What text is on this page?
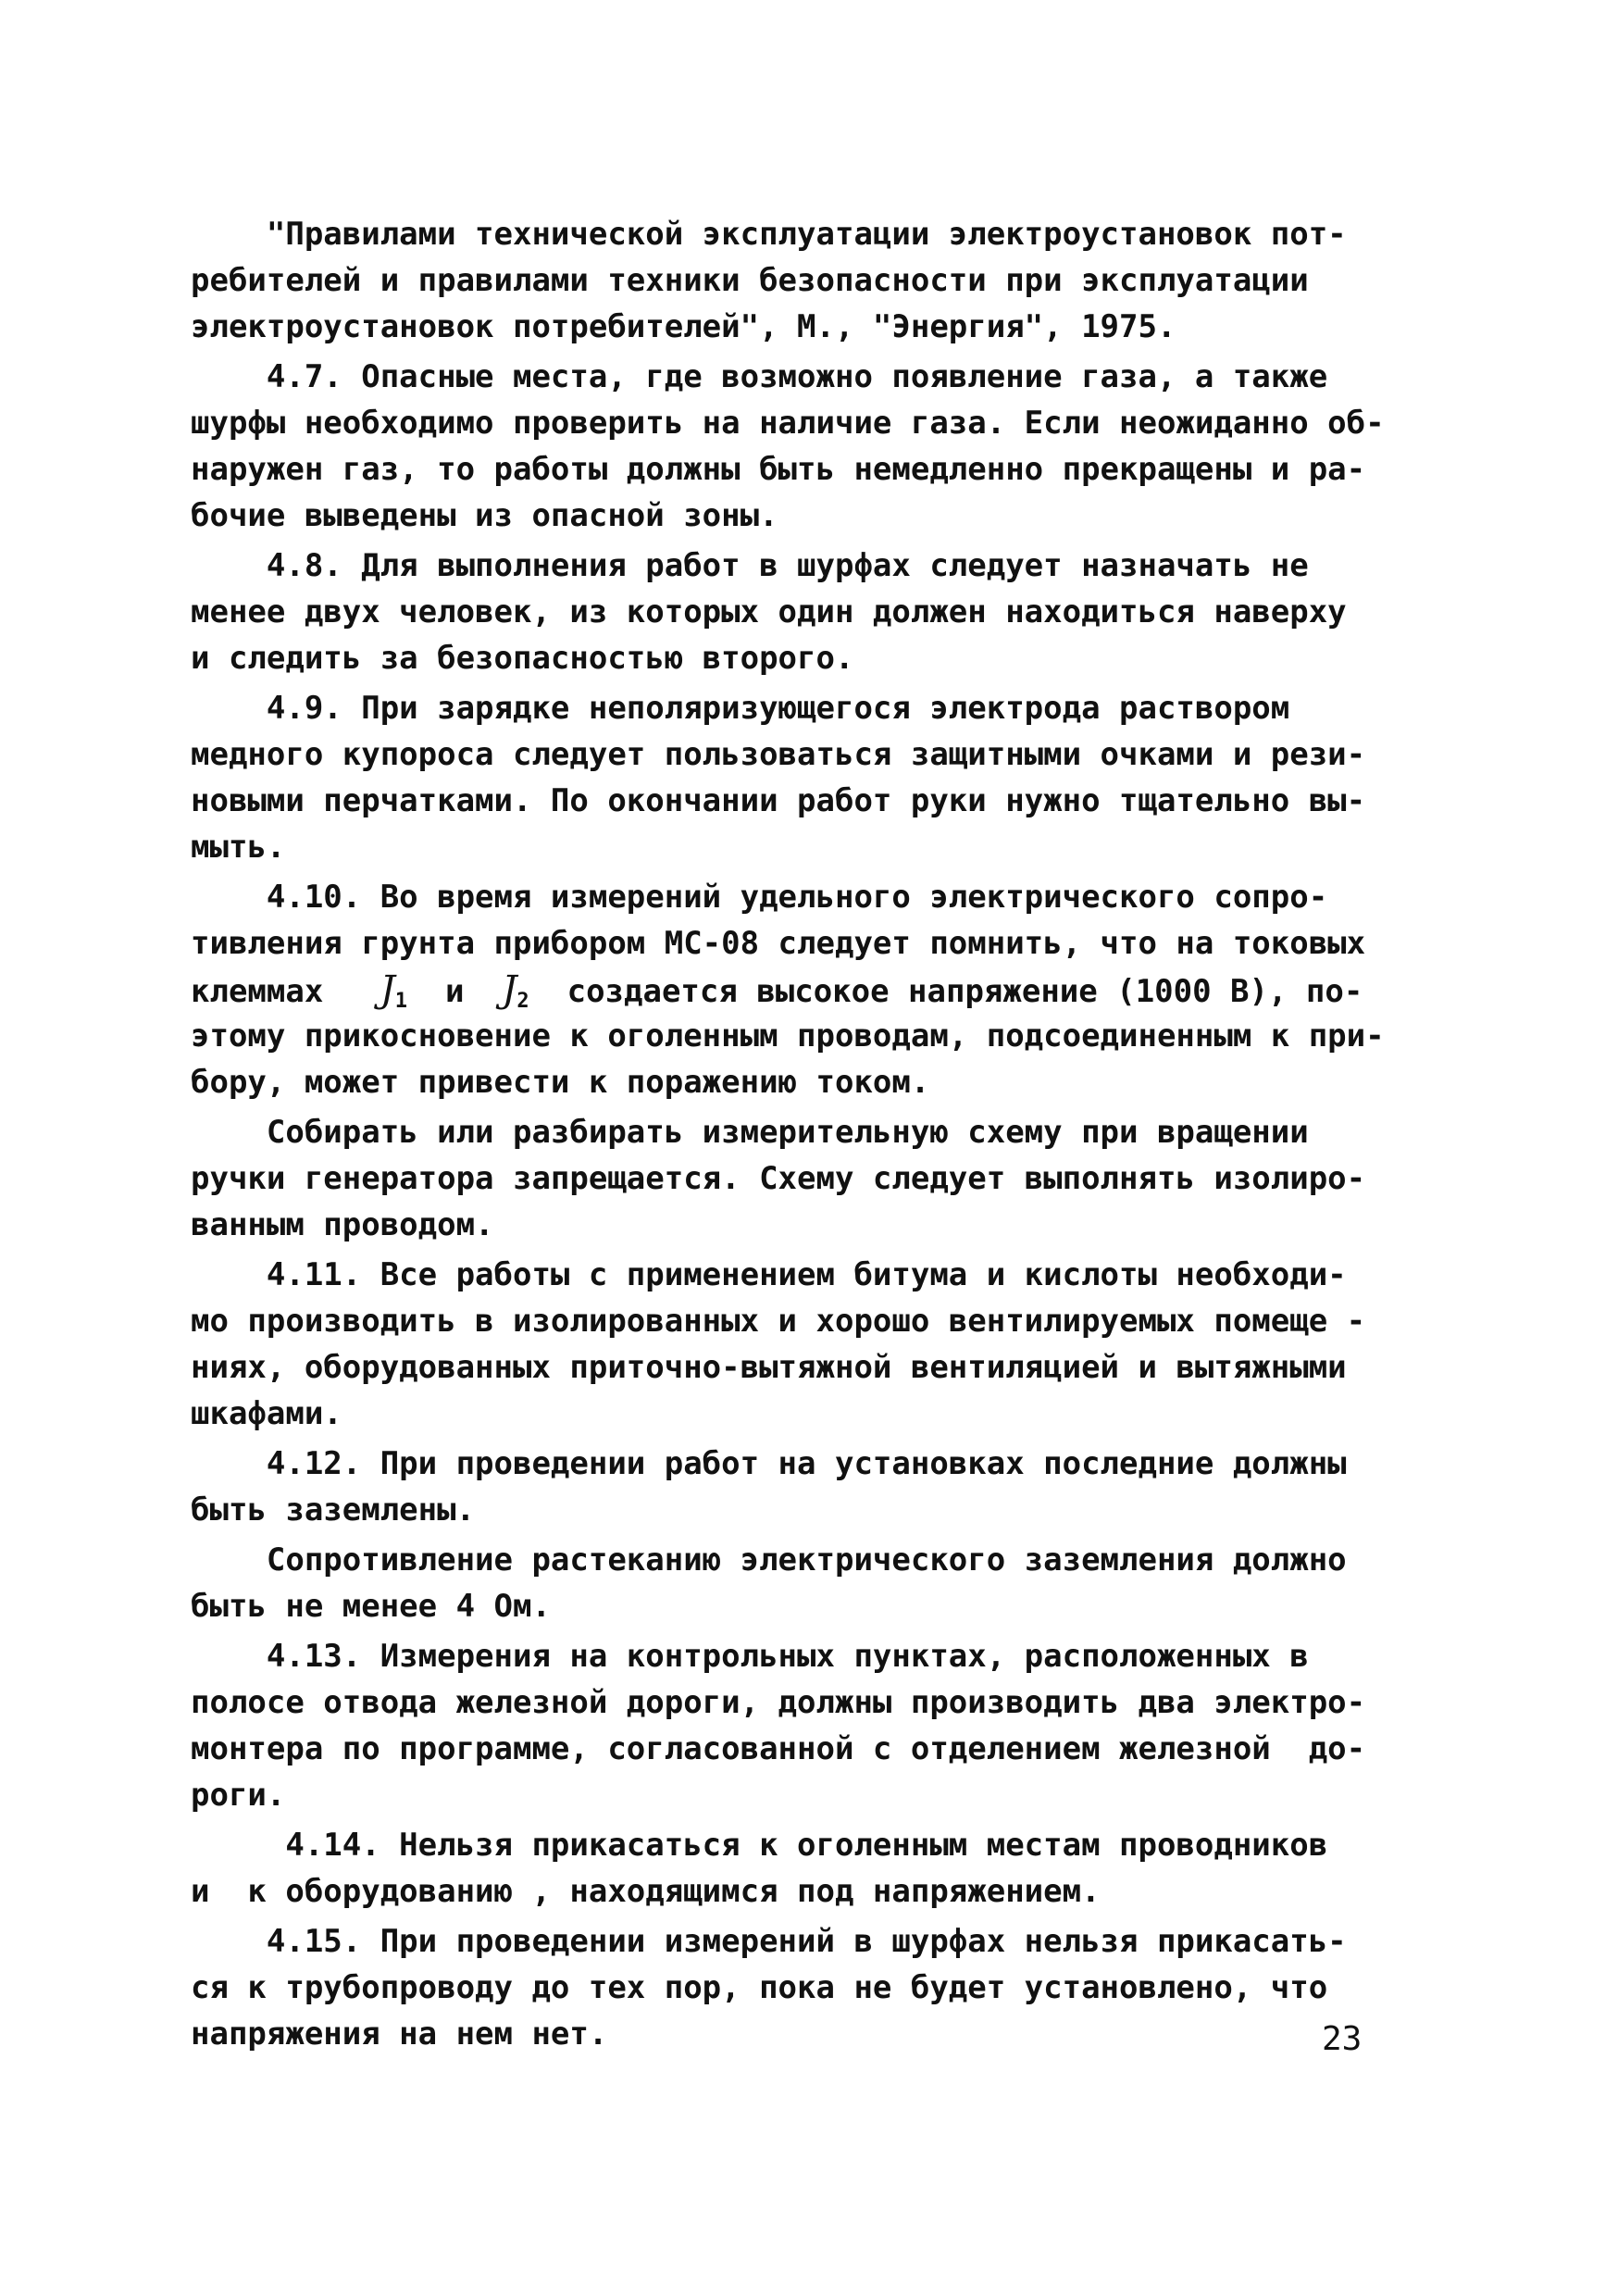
"Правилами технической эксплуатации электроустановок пот-
ребителей и правилами техники безопасности при эксплуатации
электроустановок потребителей", М., "Энергия", 1975.
4.7. Опасные места, где возможно появление газа, а также
шурфы необходимо проверить на наличие газа. Если неожиданно об-
наружен газ, то работы должны быть немедленно прекращены и ра-
бочие выведены из опасной зоны.
4.8. Для выполнения работ в шурфах следует назначать не
менее двух человек, из которых один должен находиться наверху
и следить за безопасностью второго.
4.9. При зарядке неполяризующегося электрода раствором
медного купороса следует пользоваться защитными очками и рези-
новыми перчатками. По окончании работ руки нужно тщательно вы-
мыть.
4.10. Во время измерений удельного электрического сопро-
тивления грунта прибором МС-08 следует помнить, что на токовых
клеммах   $J_1$  и  $J_2$  создается высокое напряжение (1000 В), по-
этому прикосновение к оголенным проводам, подсоединенным к при-
бору, может привести к поражению током.
Собирать или разбирать измерительную схему при вращении
ручки генератора запрещается. Схему следует выполнять изолиро-
ванным проводом.
4.11. Все работы с применением битума и кислоты необходи-
мо производить в изолированных и хорошо вентилируемых помеще -
ниях, оборудованных приточно-вытяжной вентиляцией и вытяжными
шкафами.
4.12. При проведении работ на установках последние должны
быть заземлены.
Сопротивление растеканию электрического заземления должно
быть не менее 4 Ом.
4.13. Измерения на контрольных пунктах, расположенных в
полосе отвода железной дороги, должны производить два электро-
монтера по программе, согласованной с отделением железной  до-
роги.
4.14. Нельзя прикасаться к оголенным местам проводников
и  к оборудованию , находящимся под напряжением.
4.15. При проведении измерений в шурфах нельзя прикасать-
ся к трубопроводу до тех пор, пока не будет установлено, что
напряжения на нем нет.	23
